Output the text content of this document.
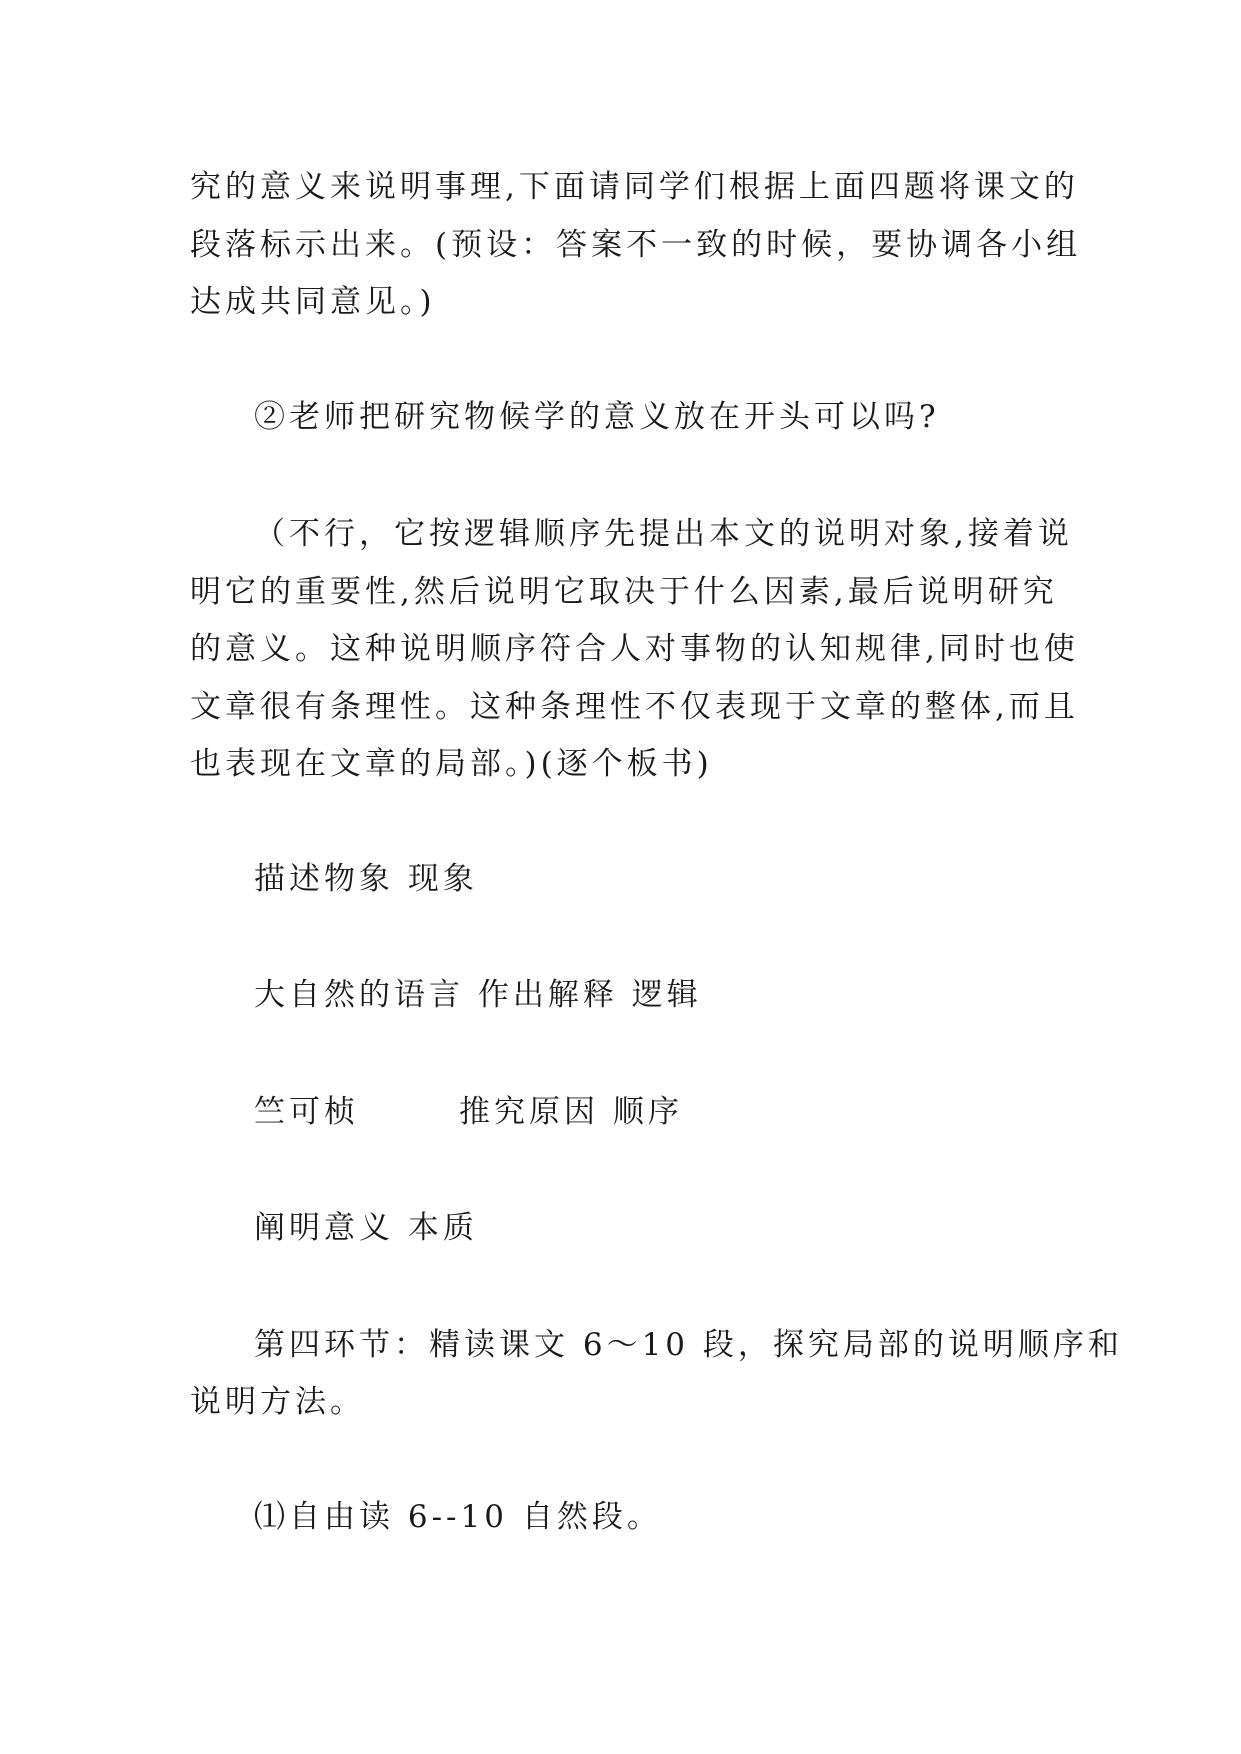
究的意义来说明事理,下面请同学们根据上面四题将课文的
段落标示出来。(预设：答案不一致的时候，要协调各小组
达成共同意见。)
②老师把研究物候学的意义放在开头可以吗?
（不行，它按逻辑顺序先提出本文的说明对象,接着说
明它的重要性,然后说明它取决于什么因素,最后说明研究
的意义。这种说明顺序符合人对事物的认知规律,同时也使
文章很有条理性。这种条理性不仅表现于文章的整体,而且
也表现在文章的局部。)(逐个板书)
描述物象 现象
大自然的语言 作出解释 逻辑
竺可桢	推究原因 顺序
阐明意义 本质
第四环节：精读课文 6～10 段，探究局部的说明顺序和
说明方法。
⑴自由读 6--10 自然段。
